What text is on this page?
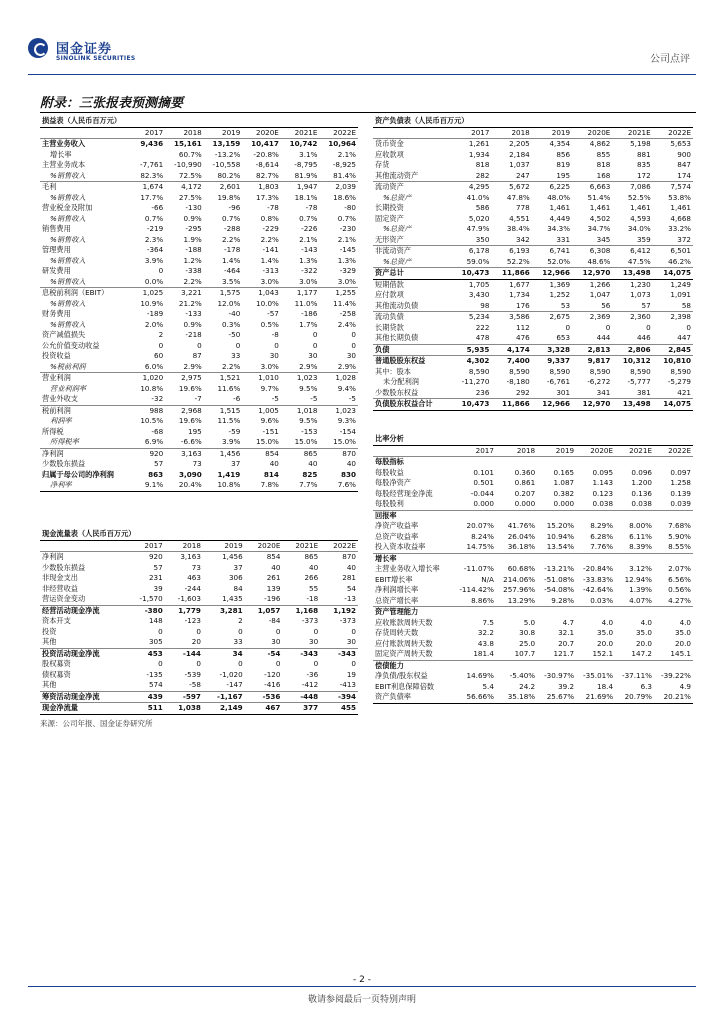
国金证券
SINOLINK SECURITIES	公司点评
附录：三张报表预测摘要
损益表（人民币百万元）						
	2017	2018	2019	2020E	2021E	2022E
主营业务收入	9,436	15,161	13,159	10,417	10,742	10,964
增长率		60.7%	-13.2%	-20.8%	3.1%	2.1%
主营业务成本	-7,761	-10,990	-10,558	-8,614	-8,795	-8,925
%销售收入	82.3%	72.5%	80.2%	82.7%	81.9%	81.4%
毛利	1,674	4,172	2,601	1,803	1,947	2,039
%销售收入	17.7%	27.5%	19.8%	17.3%	18.1%	18.6%
营业税金及附加	-66	-130	-96	-78	-78	-80
%销售收入	0.7%	0.9%	0.7%	0.8%	0.7%	0.7%
销售费用	-219	-295	-288	-229	-226	-230
%销售收入	2.3%	1.9%	2.2%	2.2%	2.1%	2.1%
管理费用	-364	-188	-178	-141	-143	-145
%销售收入	3.9%	1.2%	1.4%	1.4%	1.3%	1.3%
研发费用	0	-338	-464	-313	-322	-329
%销售收入	0.0%	2.2%	3.5%	3.0%	3.0%	3.0%
息税前利润（EBIT）	1,025	3,221	1,575	1,043	1,177	1,255
%销售收入	10.9%	21.2%	12.0%	10.0%	11.0%	11.4%
财务费用	-189	-133	-40	-57	-186	-258
%销售收入	2.0%	0.9%	0.3%	0.5%	1.7%	2.4%
资产减值损失	2	-218	-50	-8	0	0
公允价值变动收益	0	0	0	0	0	0
投资收益	60	87	33	30	30	30
%税前利润	6.0%	2.9%	2.2%	3.0%	2.9%	2.9%
营业利润	1,020	2,975	1,521	1,010	1,023	1,028
营业利润率	10.8%	19.6%	11.6%	9.7%	9.5%	9.4%
营业外收支	-32	-7	-6	-5	-5	-5
税前利润	988	2,968	1,515	1,005	1,018	1,023
利润率	10.5%	19.6%	11.5%	9.6%	9.5%	9.3%
所得税	-68	195	-59	-151	-153	-154
所得税率	6.9%	-6.6%	3.9%	15.0%	15.0%	15.0%
净利润	920	3,163	1,456	854	865	870
少数股东损益	57	73	37	40	40	40
归属于母公司的净利润	863	3,090	1,419	814	825	830
净利率	9.1%	20.4%	10.8%	7.8%	7.7%	7.6%
资产负债表（人民币百万元）						
	2017	2018	2019	2020E	2021E	2022E
货币资金	1,261	2,205	4,354	4,862	5,198	5,653
应收款项	1,934	2,184	856	855	881	900
存货	818	1,037	819	818	835	847
其他流动资产	282	247	195	168	172	174
流动资产	4,295	5,672	6,225	6,663	7,086	7,574
%总资产	41.0%	47.8%	48.0%	51.4%	52.5%	53.8%
长期投资	586	778	1,461	1,461	1,461	1,461
固定资产	5,020	4,551	4,449	4,502	4,593	4,668
%总资产	47.9%	38.4%	34.3%	34.7%	34.0%	33.2%
无形资产	350	342	331	345	359	372
非流动资产	6,178	6,193	6,741	6,308	6,412	6,501
%总资产	59.0%	52.2%	52.0%	48.6%	47.5%	46.2%
资产总计	10,473	11,866	12,966	12,970	13,498	14,075
短期借款	1,705	1,677	1,369	1,266	1,230	1,249
应付款项	3,430	1,734	1,252	1,047	1,073	1,091
其他流动负债	98	176	53	56	57	58
流动负债	5,234	3,586	2,675	2,369	2,360	2,398
长期贷款	222	112	0	0	0	0
其他长期负债	478	476	653	444	446	447
负债	5,935	4,174	3,328	2,813	2,806	2,845
普通股股东权益	4,302	7,400	9,337	9,817	10,312	10,810
其中：股本	8,590	8,590	8,590	8,590	8,590	8,590
未分配利润	-11,270	-8,180	-6,761	-6,272	-5,777	-5,279
少数股东权益	236	292	301	341	381	421
负债股东权益合计	10,473	11,866	12,966	12,970	13,498	14,075
现金流量表（人民币百万元）						
	2017	2018	2019	2020E	2021E	2022E
净利润	920	3,163	1,456	854	865	870
少数股东损益	57	73	37	40	40	40
非现金支出	231	463	306	261	266	281
非经营收益	39	-244	84	139	55	54
营运资金变动	-1,570	-1,603	1,435	-196	-18	-13
经营活动现金净流	-380	1,779	3,281	1,057	1,168	1,192
资本开支	148	-123	2	-84	-373	-373
投资	0	0	0	0	0	0
其他	305	20	33	30	30	30
投资活动现金净流	453	-144	34	-54	-343	-343
股权募资	0	0	0	0	0	0
债权募资	-135	-539	-1,020	-120	-36	19
其他	574	-58	-147	-416	-412	-413
筹资活动现金净流	439	-597	-1,167	-536	-448	-394
现金净流量	511	1,038	2,149	467	377	455
比率分析						
	2017	2018	2019	2020E	2021E	2022E
每股指标						
每股收益	0.101	0.360	0.165	0.095	0.096	0.097
每股净资产	0.501	0.861	1.087	1.143	1.200	1.258
每股经营现金净流	-0.044	0.207	0.382	0.123	0.136	0.139
每股股利	0.000	0.000	0.000	0.038	0.038	0.039
回报率						
净资产收益率	20.07%	41.76%	15.20%	8.29%	8.00%	7.68%
总资产收益率	8.24%	26.04%	10.94%	6.28%	6.11%	5.90%
投入资本收益率	14.75%	36.18%	13.54%	7.76%	8.39%	8.55%
增长率						
主营业务收入增长率	-11.07%	60.68%	-13.21%	-20.84%	3.12%	2.07%
EBIT增长率	N/A	214.06%	-51.08%	-33.83%	12.94%	6.56%
净利润增长率	-114.42%	257.96%	-54.08%	-42.64%	1.39%	0.56%
总资产增长率	8.86%	13.29%	9.28%	0.03%	4.07%	4.27%
资产管理能力						
应收账款周转天数	7.5	5.0	4.7	4.0	4.0	4.0
存货周转天数	32.2	30.8	32.1	35.0	35.0	35.0
应付账款周转天数	43.8	25.0	20.7	20.0	20.0	20.0
固定资产周转天数	181.4	107.7	121.7	152.1	147.2	145.1
偿债能力						
净负债/股东权益	14.69%	-5.40%	-30.97%	-35.01%	-37.11%	-39.22%
EBIT利息保障倍数	5.4	24.2	39.2	18.4	6.3	4.9
资产负债率	56.66%	35.18%	25.67%	21.69%	20.79%	20.21%
来源：公司年报、国金证券研究所
- 2 -
敬请参阅最后一页特别声明
